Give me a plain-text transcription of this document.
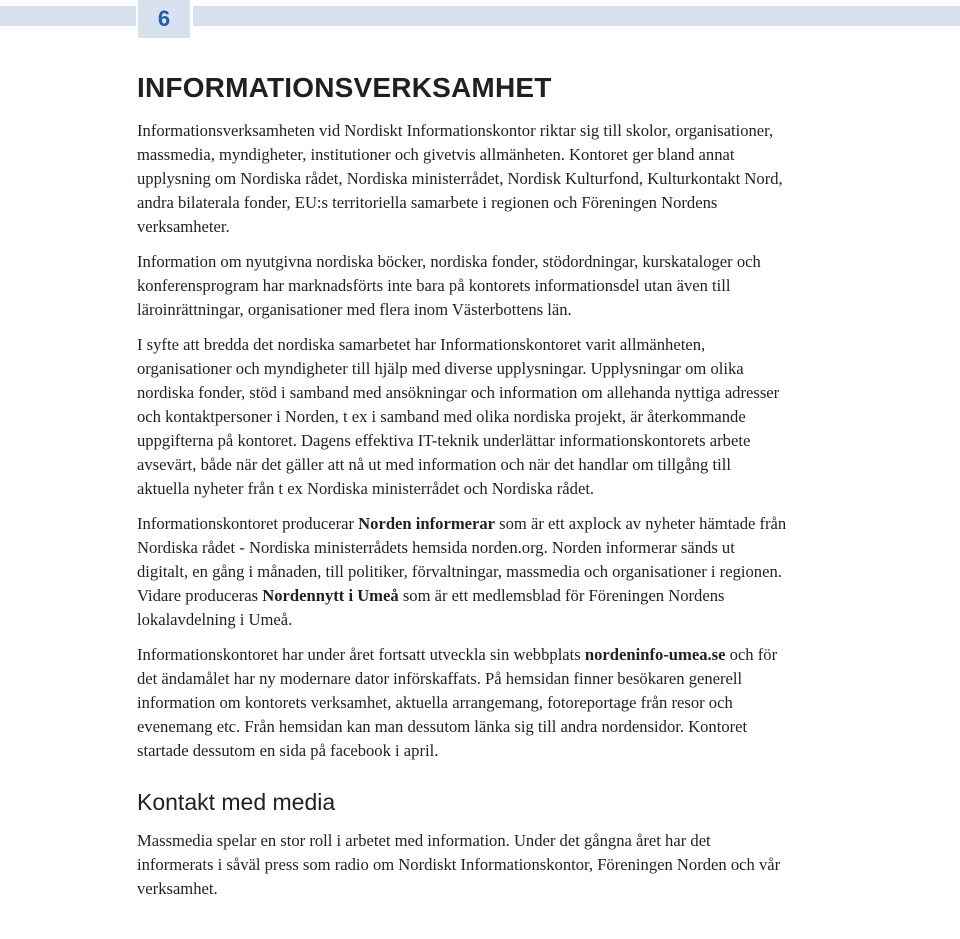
6
INFORMATIONSVERKSAMHET

Informationsverksamheten vid Nordiskt Informationskontor riktar sig till skolor, organisationer, massmedia, myndigheter, institutioner och givetvis allmänheten. Kontoret ger bland annat upplysning om Nordiska rådet, Nordiska ministerrådet, Nordisk Kulturfond, Kulturkontakt Nord, andra bilaterala fonder, EU:s territoriella samarbete i regionen och Föreningen Nordens verksamheter.

Information om nyutgivna nordiska böcker, nordiska fonder, stödordningar, kurskataloger och konferensprogram har marknadsförts inte bara på kontorets informationsdel utan även till läroinrättningar, organisationer med flera inom Västerbottens län.

I syfte att bredda det nordiska samarbetet har Informationskontoret varit allmänheten, organisationer och myndigheter till hjälp med diverse upplysningar. Upplysningar om olika nordiska fonder, stöd i samband med ansökningar och information om allehanda nyttiga adresser och kontaktpersoner i Norden, t ex i samband med olika nordiska projekt, är återkommande uppgifterna på kontoret. Dagens effektiva IT-teknik underlättar informationskontorets arbete avsevärt, både när det gäller att nå ut med information och när det handlar om tillgång till aktuella nyheter från t ex Nordiska ministerrådet och Nordiska rådet.

Informationskontoret producerar Norden informerar som är ett axplock av nyheter hämtade från Nordiska rådet - Nordiska ministerrådets hemsida norden.org. Norden informerar sänds ut digitalt, en gång i månaden, till politiker, förvaltningar, massmedia och organisationer i regionen. Vidare produceras Nordennytt i Umeå som är ett medlemsblad för Föreningen Nordens lokalavdelning i Umeå.

Informationskontoret har under året fortsatt utveckla sin webbplats nordeninfo-umea.se och för det ändamålet har ny modernare dator införskaffats. På hemsidan finner besökaren generell information om kontorets verksamhet, aktuella arrangemang, fotoreportage från resor och evenemang etc. Från hemsidan kan man dessutom länka sig till andra nordensidor. Kontoret startade dessutom en sida på facebook i april.

Kontakt med media

Massmedia spelar en stor roll i arbetet med information. Under det gångna året har det informerats i såväl press som radio om Nordiskt Informationskontor, Föreningen Norden och vår verksamhet.
